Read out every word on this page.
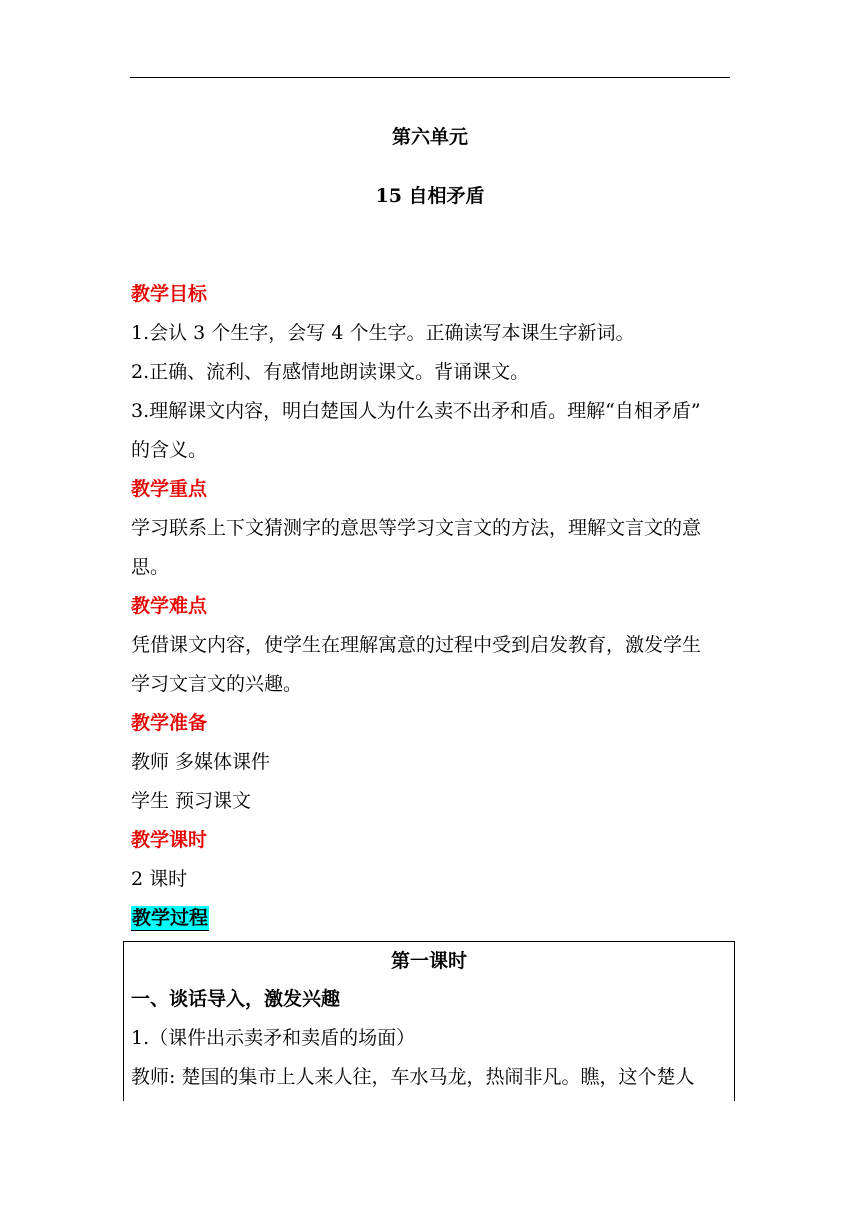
第六单元
15 自相矛盾
教学目标
1.会认 3 个生字，会写 4 个生字。正确读写本课生字新词。
2.正确、流利、有感情地朗读课文。背诵课文。
3.理解课文内容，明白楚国人为什么卖不出矛和盾。理解“自相矛盾”
的含义。
教学重点
学习联系上下文猜测字的意思等学习文言文的方法，理解文言文的意
思。
教学难点
凭借课文内容，使学生在理解寓意的过程中受到启发教育，激发学生
学习文言文的兴趣。
教学准备
教师 多媒体课件
学生 预习课文
教学课时
2 课时
教学过程
第一课时
一、谈话导入，激发兴趣
1.（课件出示卖矛和卖盾的场面）
教师: 楚国的集市上人来人往，车水马龙，热闹非凡。瞧，这个楚人
